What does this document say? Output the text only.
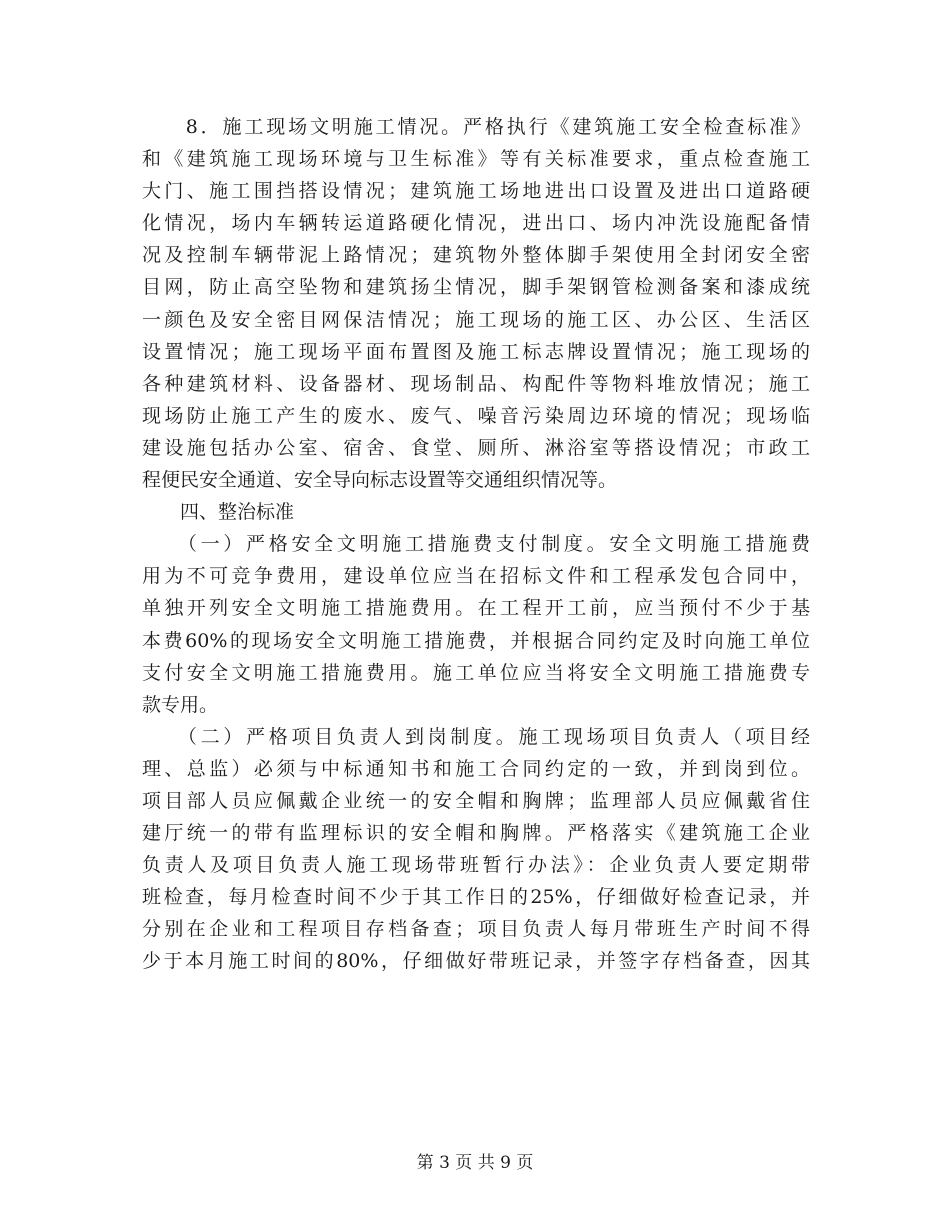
　　8．施工现场文明施工情况。严格执行《建筑施工安全检查标准》
和《建筑施工现场环境与卫生标准》等有关标准要求，重点检查施工
大门、施工围挡搭设情况；建筑施工场地进出口设置及进出口道路硬
化情况，场内车辆转运道路硬化情况，进出口、场内冲洗设施配备情
况及控制车辆带泥上路情况；建筑物外整体脚手架使用全封闭安全密
目网，防止高空坠物和建筑扬尘情况，脚手架钢管检测备案和漆成统
一颜色及安全密目网保洁情况；施工现场的施工区、办公区、生活区
设置情况；施工现场平面布置图及施工标志牌设置情况；施工现场的
各种建筑材料、设备器材、现场制品、构配件等物料堆放情况；施工
现场防止施工产生的废水、废气、噪音污染周边环境的情况；现场临
建设施包括办公室、宿舍、食堂、厕所、淋浴室等搭设情况；市政工
程便民安全通道、安全导向标志设置等交通组织情况等。
　　四、整治标准
　　（一）严格安全文明施工措施费支付制度。安全文明施工措施费
用为不可竞争费用，建设单位应当在招标文件和工程承发包合同中，
单独开列安全文明施工措施费用。在工程开工前，应当预付不少于基
本费60%的现场安全文明施工措施费，并根据合同约定及时向施工单位
支付安全文明施工措施费用。施工单位应当将安全文明施工措施费专
款专用。
　　（二）严格项目负责人到岗制度。施工现场项目负责人（项目经
理、总监）必须与中标通知书和施工合同约定的一致，并到岗到位。
项目部人员应佩戴企业统一的安全帽和胸牌；监理部人员应佩戴省住
建厅统一的带有监理标识的安全帽和胸牌。严格落实《建筑施工企业
负责人及项目负责人施工现场带班暂行办法》：企业负责人要定期带
班检查，每月检查时间不少于其工作日的25%，仔细做好检查记录，并
分别在企业和工程项目存档备查；项目负责人每月带班生产时间不得
少于本月施工时间的80%，仔细做好带班记录，并签字存档备查，因其
第 3 页 共 9 页
